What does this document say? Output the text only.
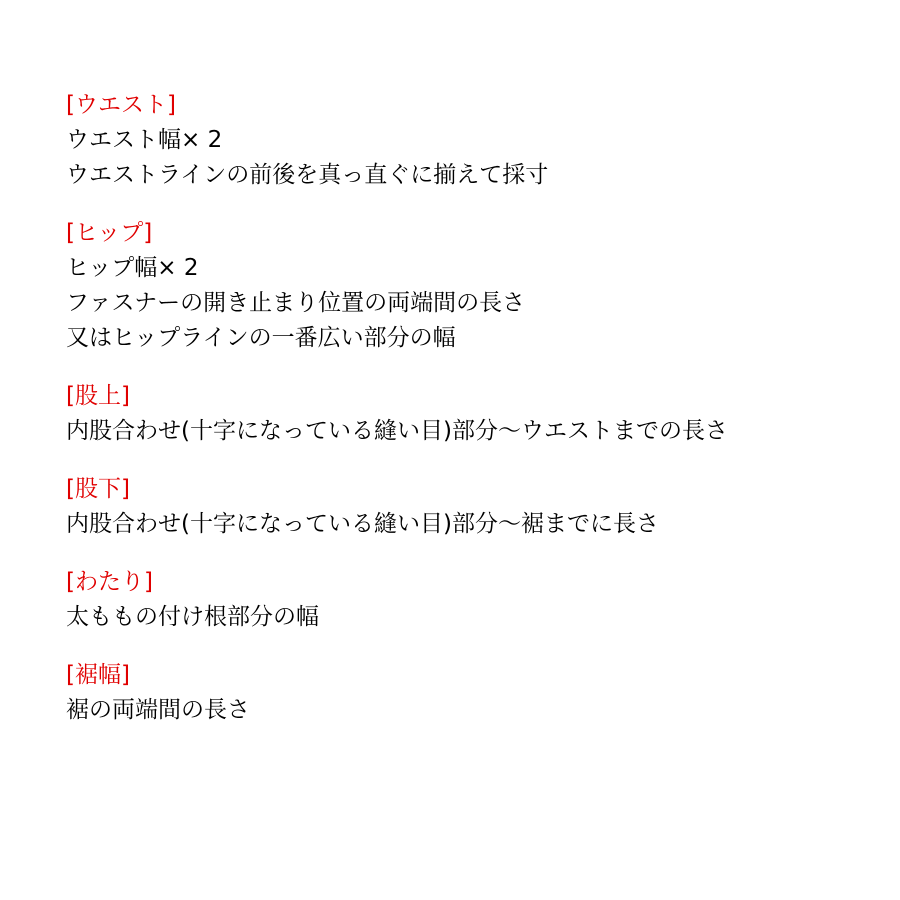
[ウエスト]
ウエスト幅× 2
ウエストラインの前後を真っ直ぐに揃えて採寸
[ヒップ]
ヒップ幅× 2
ファスナーの開き止まり位置の両端間の長さ
又はヒップラインの一番広い部分の幅
[股上]
内股合わせ(十字になっている縫い目)部分〜ウエストまでの長さ
[股下]
内股合わせ(十字になっている縫い目)部分〜裾までに長さ
[わたり]
太ももの付け根部分の幅
[裾幅]
裾の両端間の長さ
